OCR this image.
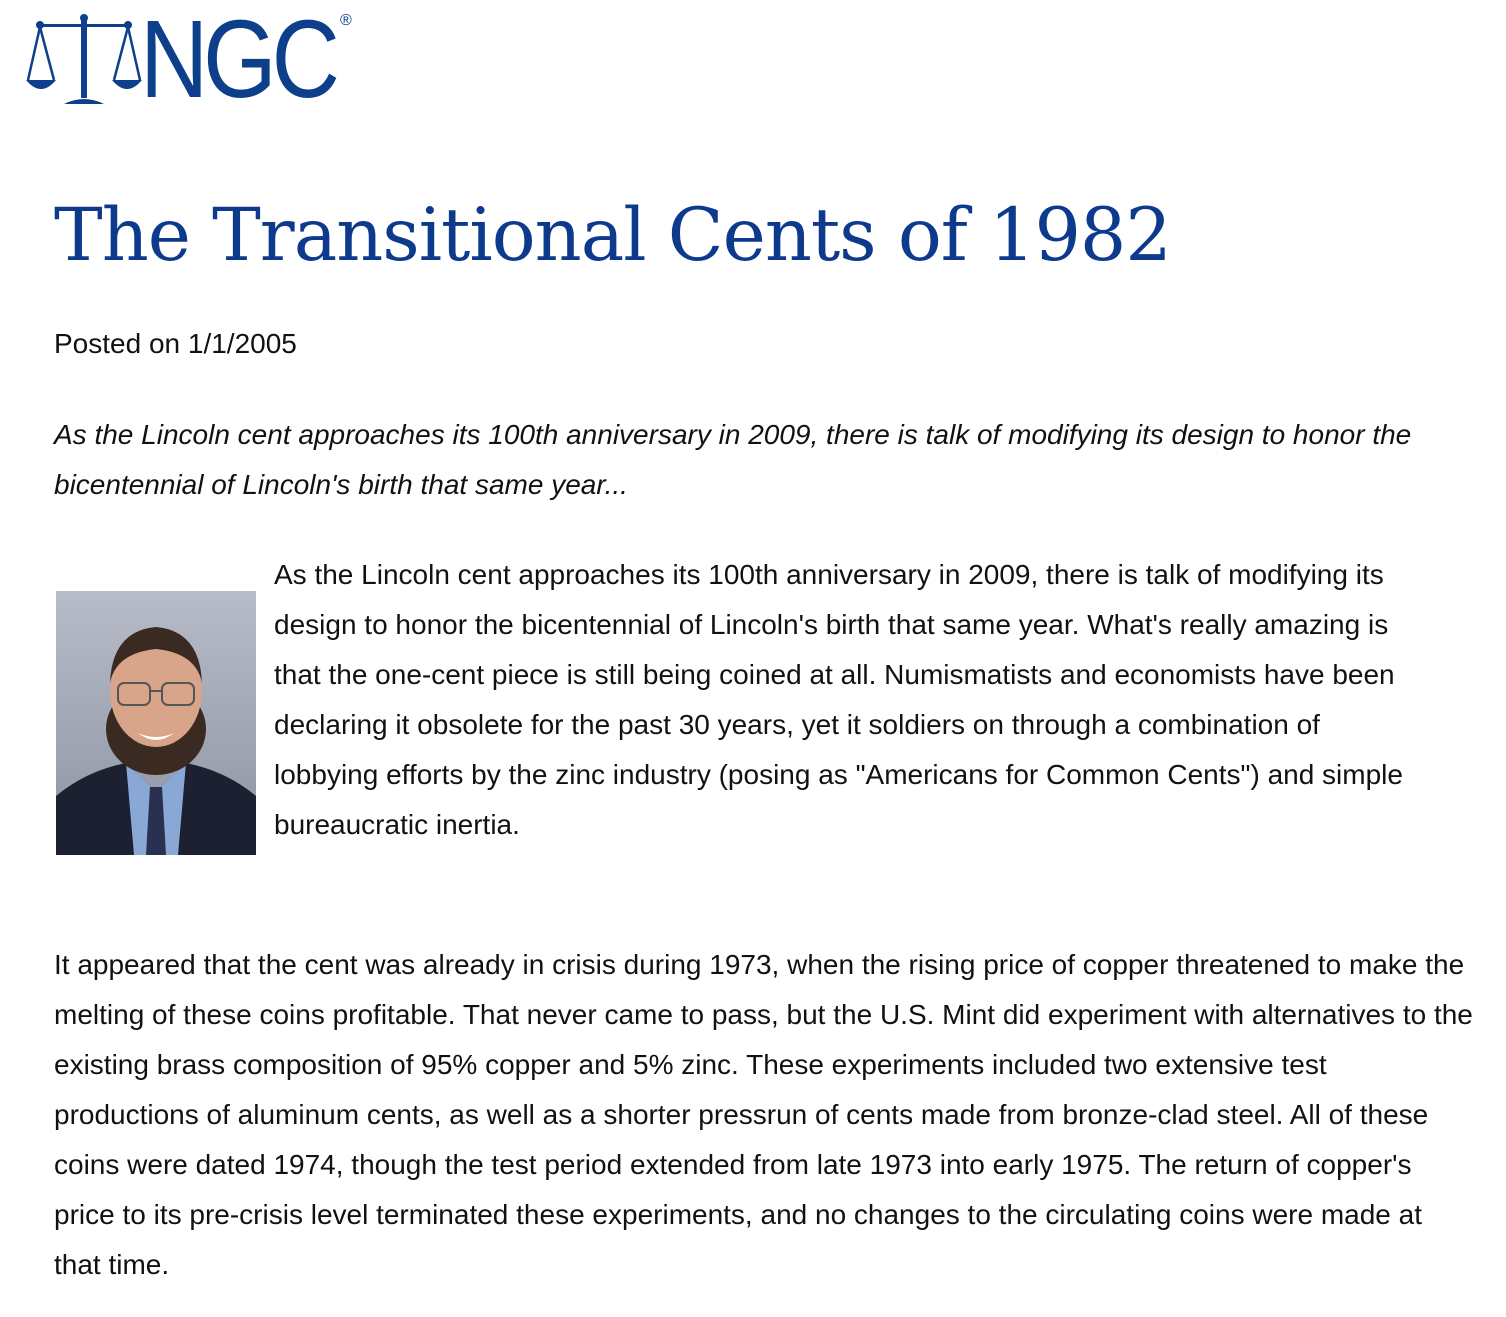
NGC ®
The Transitional Cents of 1982
Posted on 1/1/2005

As the Lincoln cent approaches its 100th anniversary in 2009, there is talk of modifying its design to honor the bicentennial of Lincoln's birth that same year...

As the Lincoln cent approaches its 100th anniversary in 2009, there is talk of modifying its design to honor the bicentennial of Lincoln's birth that same year. What's really amazing is that the one-cent piece is still being coined at all. Numismatists and economists have been declaring it obsolete for the past 30 years, yet it soldiers on through a combination of lobbying efforts by the zinc industry (posing as "Americans for Common Cents") and simple bureaucratic inertia.

It appeared that the cent was already in crisis during 1973, when the rising price of copper threatened to make the melting of these coins profitable. That never came to pass, but the U.S. Mint did experiment with alternatives to the existing brass composition of 95% copper and 5% zinc. These experiments included two extensive test productions of aluminum cents, as well as a shorter pressrun of cents made from bronze-clad steel. All of these coins were dated 1974, though the test period extended from late 1973 into early 1975. The return of copper's price to its pre-crisis level terminated these experiments, and no changes to the circulating coins were made at that time.
